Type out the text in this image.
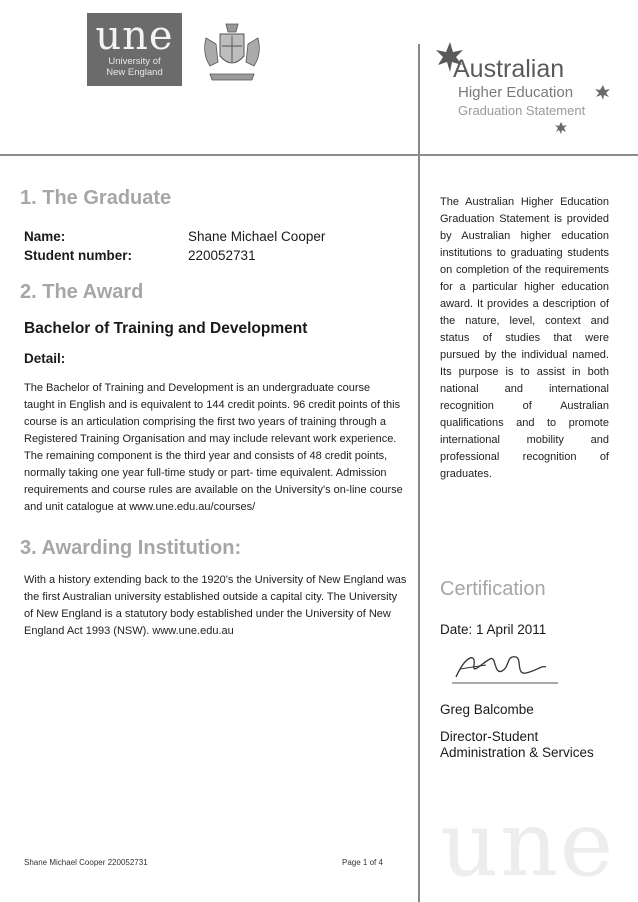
une
University of
New England	Australian
Higher Education
Graduation Statement
1. The Graduate
Name:	Shane Michael Cooper
Student number:	220052731
2. The Award
Bachelor of Training and Development
Detail:
The Bachelor of Training and Development is an undergraduate course
taught in English and is equivalent to 144 credit points. 96 credit points of this
course is an articulation comprising the first two years of training through a
Registered Training Organisation and may include relevant work experience.
The remaining component is the third year and consists of 48 credit points,
normally taking one year full-time study or part- time equivalent. Admission
requirements and course rules are available on the University's on-line course
and unit catalogue at www.une.edu.au/courses/
3. Awarding Institution:
With a history extending back to the 1920's the University of New England was
the first Australian university established outside a capital city. The University
of New England is a statutory body established under the University of New
England Act 1993 (NSW). www.une.edu.au
The Australian Higher Education Graduation Statement is provided by Australian higher education institutions to graduating students on completion of the requirements for a particular higher education award. It provides a description of the nature, level, context and status of studies that were pursued by the individual named. Its purpose is to assist in both national and international recognition of Australian qualifications and to promote international mobility and professional recognition of graduates.
Certification
Date: 1 April 2011
Greg Balcombe
Director-Student
Administration & Services
une
Shane Michael Cooper 220052731	Page 1 of 4
